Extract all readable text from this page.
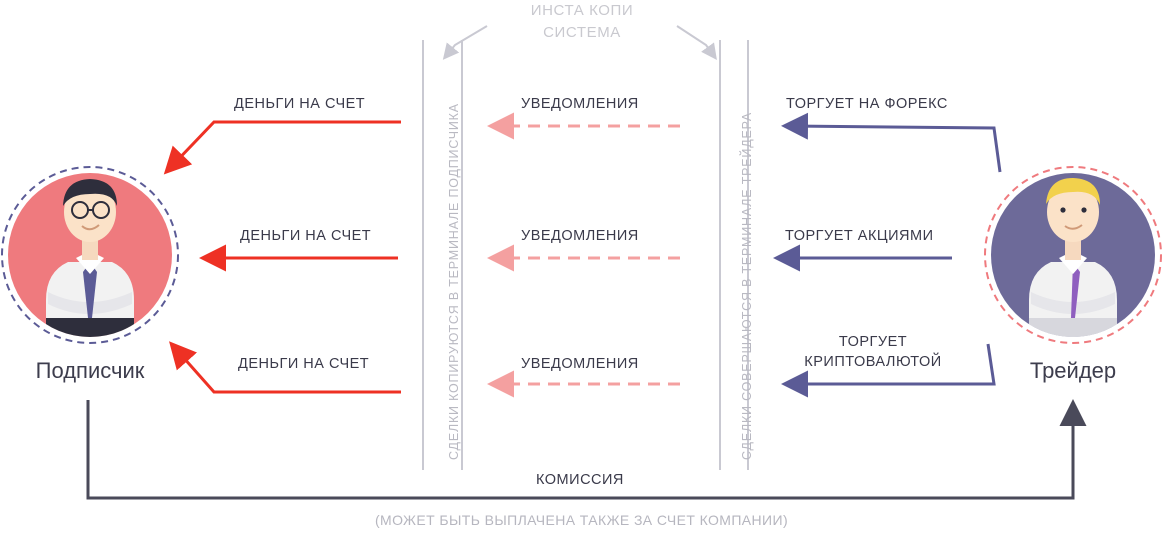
ИНСТА КОПИ
СИСТЕМА
СДЕЛКИ КОПИРУЮТСЯ В ТЕРМИНАЛЕ ПОДПИСЧИКА	СДЕЛКИ СОВЕРШАЮТСЯ В ТЕРМИНАЛЕ ТРЕЙДЕРА
ДЕНЬГИ НА СЧЕТ	УВЕДОМЛЕНИЯ	ТОРГУЕТ НА ФОРЕКС
ДЕНЬГИ НА СЧЕТ	УВЕДОМЛЕНИЯ	ТОРГУЕТ АКЦИЯМИ
ДЕНЬГИ НА СЧЕТ	УВЕДОМЛЕНИЯ
ТОРГУЕТ
КРИПТОВАЛЮТОЙ
КОМИССИЯ
(МОЖЕТ БЫТЬ ВЫПЛАЧЕНА ТАКЖЕ ЗА СЧЕТ КОМПАНИИ)
Подписчик	Трейдер
